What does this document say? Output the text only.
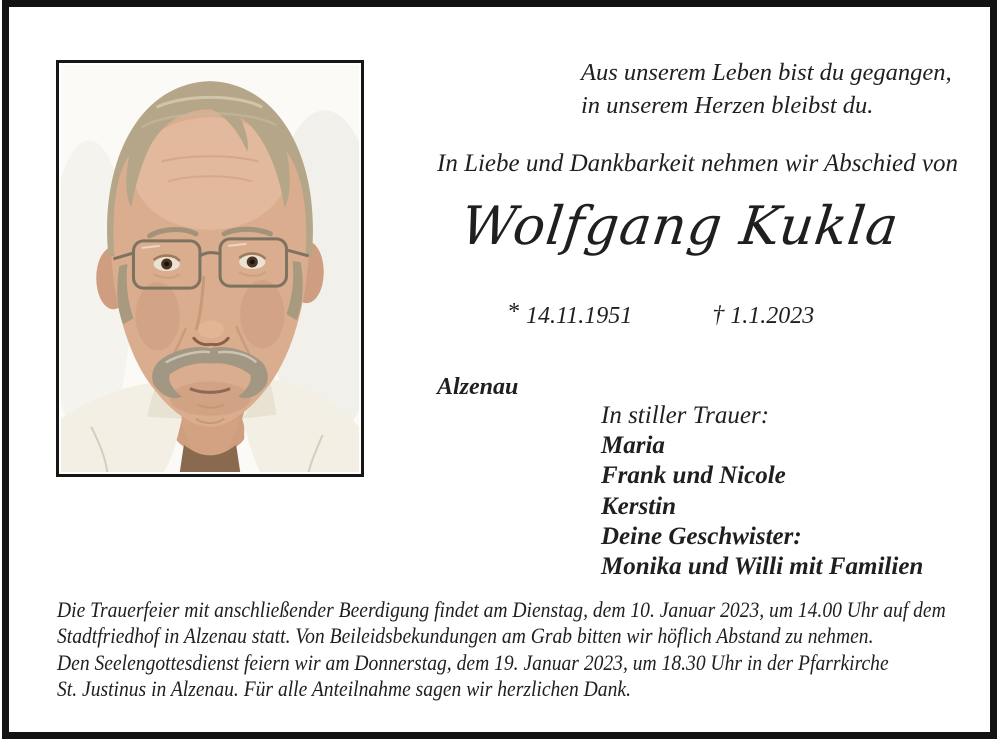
Aus unserem Leben bist du gegangen,
in unserem Herzen bleibst du.
In Liebe und Dankbarkeit nehmen wir Abschied von
Wolfgang Kukla
* 14.11.1951	† 1.1.2023
Alzenau
In stiller Trauer:
Maria
Frank und Nicole
Kerstin
Deine Geschwister:
Monika und Willi mit Familien
Die Trauerfeier mit anschließender Beerdigung findet am Dienstag, dem 10. Januar 2023, um 14.00 Uhr auf dem
Stadtfriedhof in Alzenau statt. Von Beileidsbekundungen am Grab bitten wir höflich Abstand zu nehmen.
Den Seelengottesdienst feiern wir am Donnerstag, dem 19. Januar 2023, um 18.30 Uhr in der Pfarrkirche
St. Justinus in Alzenau. Für alle Anteilnahme sagen wir herzlichen Dank.
